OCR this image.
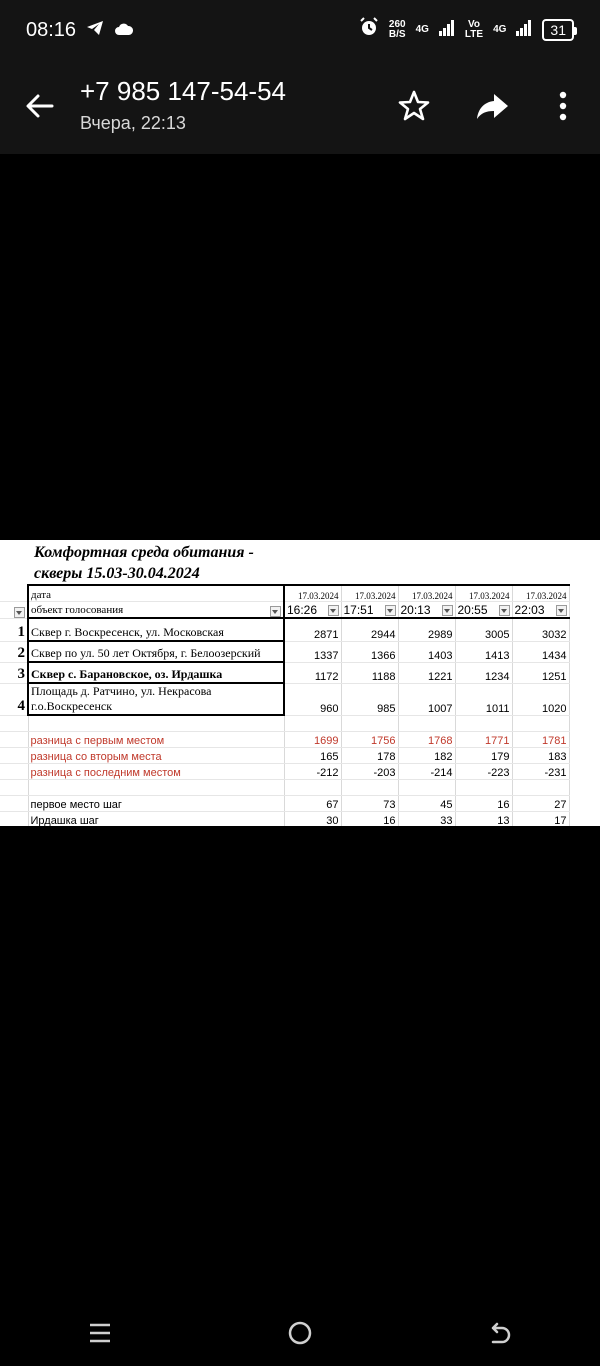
08:16	260
B/S 4G	Vo
LTE 4G	31
+7 985 147-54-54
Вчера, 22:13
Комфортная среда обитания -
скверы 15.03-30.04.2024
	дата	17.03.2024	17.03.2024	17.03.2024	17.03.2024	17.03.2024

	объект голосования	16:26	17:51	20:13	20:55	22:03

1	Сквер г. Воскресенск, ул. Московская	2871	2944	2989	3005	3032
2	Сквер по ул. 50 лет Октября, г. Белоозерский	1337	1366	1403	1413	1434
3	Сквер с. Барановское, оз. Ирдашка	1172	1188	1221	1234	1251
4	Площадь д. Ратчино, ул. Некрасова
г.о.Воскресенск	960	985	1007	1011	1020

	разница с первым местом	1699	1756	1768	1771	1781
	разница со вторым места	165	178	182	179	183
	разница с последним местом	-212	-203	-214	-223	-231

	первое место шаг	67	73	45	16	27
	Ирдашка шаг	30	16	33	13	17
